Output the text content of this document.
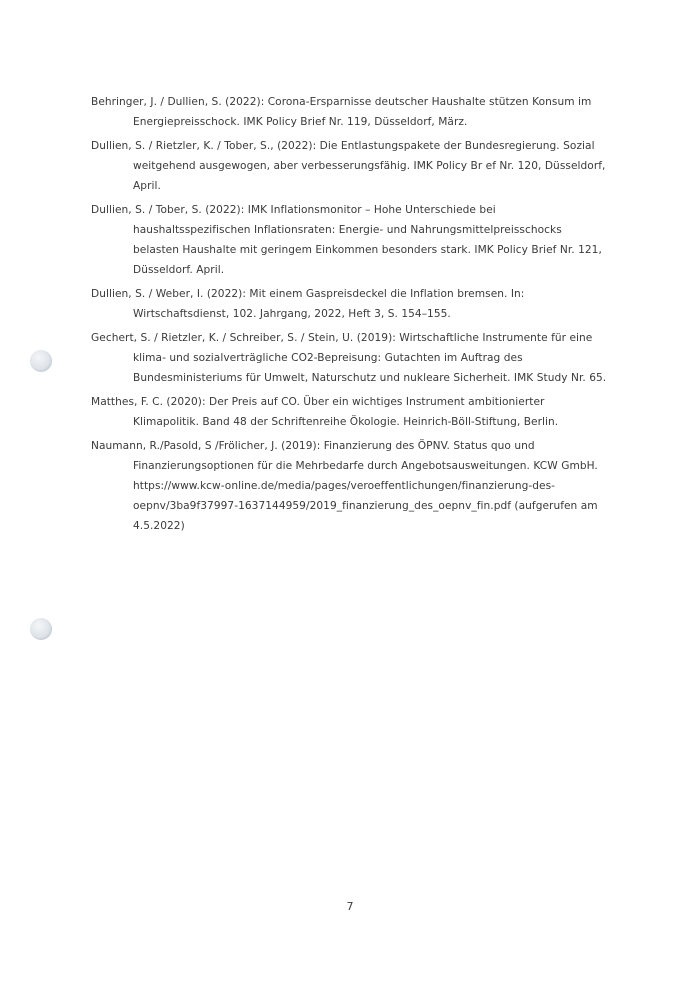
Behringer, J. / Dullien, S. (2022): Corona-Ersparnisse deutscher Haushalte stützen Konsum im Energiepreisschock. IMK Policy Brief Nr. 119, Düsseldorf, März.
Dullien, S. / Rietzler, K. / Tober, S., (2022): Die Entlastungspakete der Bundesregierung. Sozial weitgehend ausgewogen, aber verbesserungsfähig. IMK Policy Br ef Nr. 120, Düsseldorf, April.
Dullien, S. / Tober, S. (2022): IMK Inflationsmonitor – Hohe Unterschiede bei haushaltsspezifischen Inflationsraten: Energie- und Nahrungsmittelpreisschocks belasten Haushalte mit geringem Einkommen besonders stark. IMK Policy Brief Nr. 121, Düsseldorf. April.
Dullien, S. / Weber, I. (2022): Mit einem Gaspreisdeckel die Inflation bremsen. In: Wirtschaftsdienst, 102. Jahrgang, 2022, Heft 3, S. 154–155.
Gechert, S. / Rietzler, K. / Schreiber, S. / Stein, U. (2019): Wirtschaftliche Instrumente für eine klima- und sozialverträgliche CO2-Bepreisung: Gutachten im Auftrag des Bundesministeriums für Umwelt, Naturschutz und nukleare Sicherheit. IMK Study Nr. 65.
Matthes, F. C. (2020): Der Preis auf CO. Über ein wichtiges Instrument ambitionierter Klimapolitik. Band 48 der Schriftenreihe Ökologie. Heinrich-Böll-Stiftung, Berlin.
Naumann, R./Pasold, S /Frölicher, J. (2019): Finanzierung des ÖPNV. Status quo und Finanzierungsoptionen für die Mehrbedarfe durch Angebotsausweitungen. KCW GmbH. https://www.kcw-online.de/media/pages/veroeffentlichungen/finanzierung-des-oepnv/3ba9f37997-1637144959/2019_finanzierung_des_oepnv_fin.pdf (aufgerufen am 4.5.2022)
7
